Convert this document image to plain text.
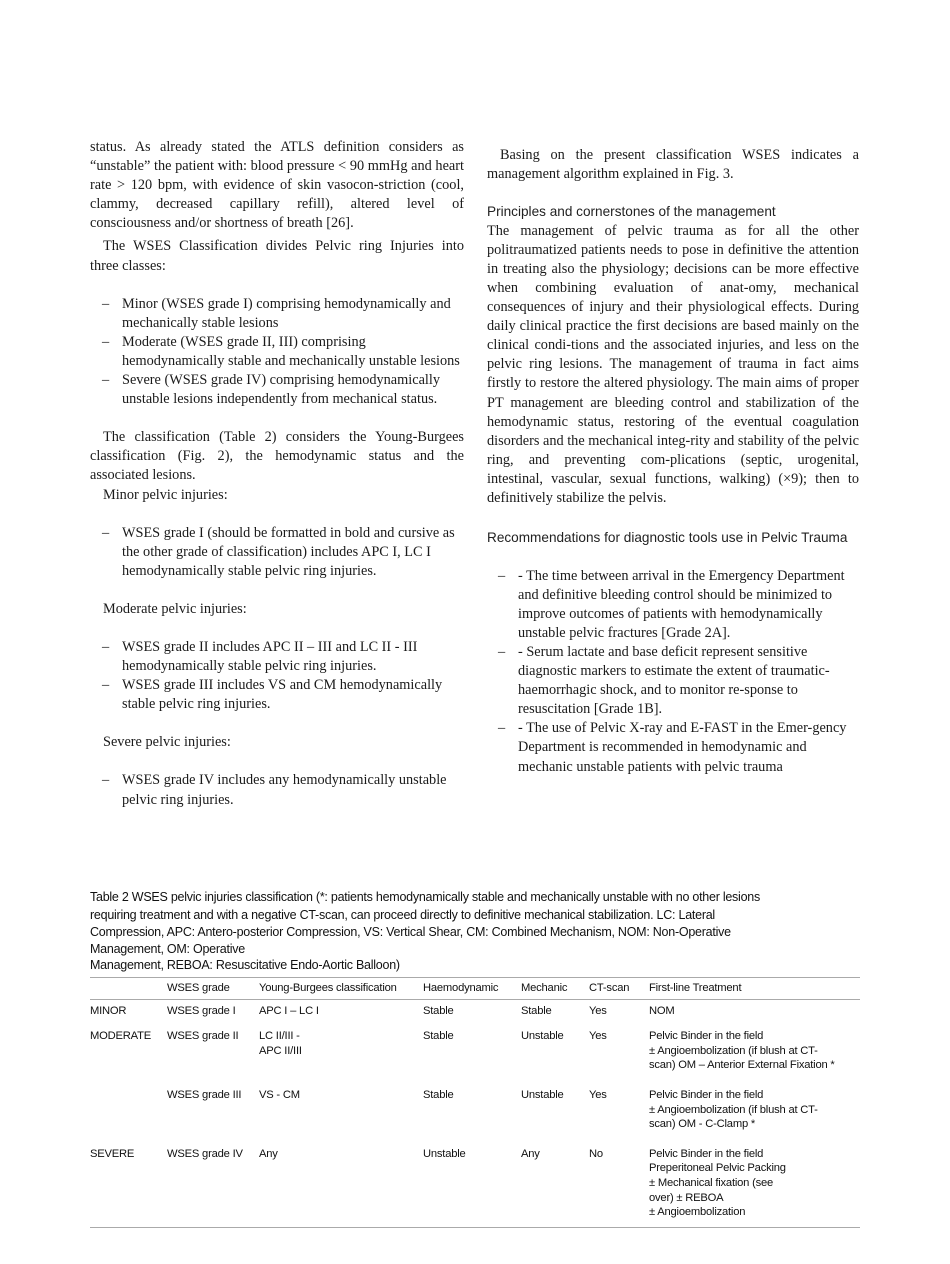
status. As already stated the ATLS definition considers as “unstable” the patient with: blood pressure < 90 mmHg and heart rate > 120 bpm, with evidence of skin vasocon-striction (cool, clammy, decreased capillary refill), altered level of consciousness and/or shortness of breath [26].

The WSES Classification divides Pelvic ring Injuries into three classes:

– Minor (WSES grade I) comprising hemodynamically and mechanically stable lesions
– Moderate (WSES grade II, III) comprising hemodynamically stable and mechanically unstable lesions
– Severe (WSES grade IV) comprising hemodynamically unstable lesions independently from mechanical status.

The classification (Table 2) considers the Young-Burgees classification (Fig. 2), the hemodynamic status and the associated lesions.

Minor pelvic injuries:

– WSES grade I (should be formatted in bold and cursive as the other grade of classification) includes APC I, LC I hemodynamically stable pelvic ring injuries.

Moderate pelvic injuries:

– WSES grade II includes APC II – III and LC II - III hemodynamically stable pelvic ring injuries.
– WSES grade III includes VS and CM hemodynamically stable pelvic ring injuries.

Severe pelvic injuries:

– WSES grade IV includes any hemodynamically unstable pelvic ring injuries.

Basing on the present classification WSES indicates a management algorithm explained in Fig. 3.

Principles and cornerstones of the management

The management of pelvic trauma as for all the other politraumatized patients needs to pose in definitive the attention in treating also the physiology; decisions can be more effective when combining evaluation of anat-omy, mechanical consequences of injury and their physiological effects. During daily clinical practice the first decisions are based mainly on the clinical condi-tions and the associated injuries, and less on the pelvic ring lesions. The management of trauma in fact aims firstly to restore the altered physiology. The main aims of proper PT management are bleeding control and stabilization of the hemodynamic status, restoring of the eventual coagulation disorders and the mechanical integ-rity and stability of the pelvic ring, and preventing com-plications (septic, urogenital, intestinal, vascular, sexual functions, walking) (×9); then to definitively stabilize the pelvis.

Recommendations for diagnostic tools use in Pelvic Trauma
– - The time between arrival in the Emergency Department and definitive bleeding control should be minimized to improve outcomes of patients with hemodynamically unstable pelvic fractures [Grade 2A].
– - Serum lactate and base deficit represent sensitive diagnostic markers to estimate the extent of traumatic-haemorrhagic shock, and to monitor re-sponse to resuscitation [Grade 1B].
– - The use of Pelvic X-ray and E-FAST in the Emer-gency Department is recommended in hemodynamic and mechanic unstable patients with pelvic trauma
Table 2 WSES pelvic injuries classification (*: patients hemodynamically stable and mechanically unstable with no other lesions
requiring treatment and with a negative CT-scan, can proceed directly to definitive mechanical stabilization. LC: Lateral
Compression, APC: Antero-posterior Compression, VS: Vertical Shear, CM: Combined Mechanism, NOM: Non-Operative
Management, OM: Operative
Management, REBOA: Resuscitative Endo-Aortic Balloon)
	WSES grade	Young-Burgees classification	Haemodynamic	Mechanic	CT-scan	First-line Treatment
MINOR	WSES grade I	APC I – LC I	Stable	Stable	Yes	NOM
MODERATE	WSES grade II	LC II/III -
APC II/III	Stable	Unstable	Yes	Pelvic Binder in the field
± Angioembolization (if blush at CT-
scan) OM – Anterior External Fixation *
	WSES grade III	VS - CM	Stable	Unstable	Yes	Pelvic Binder in the field
± Angioembolization (if blush at CT-
scan) OM - C-Clamp *
SEVERE	WSES grade IV	Any	Unstable	Any	No	Pelvic Binder in the field
Preperitoneal Pelvic Packing
± Mechanical fixation (see
over) ± REBOA
± Angioembolization
